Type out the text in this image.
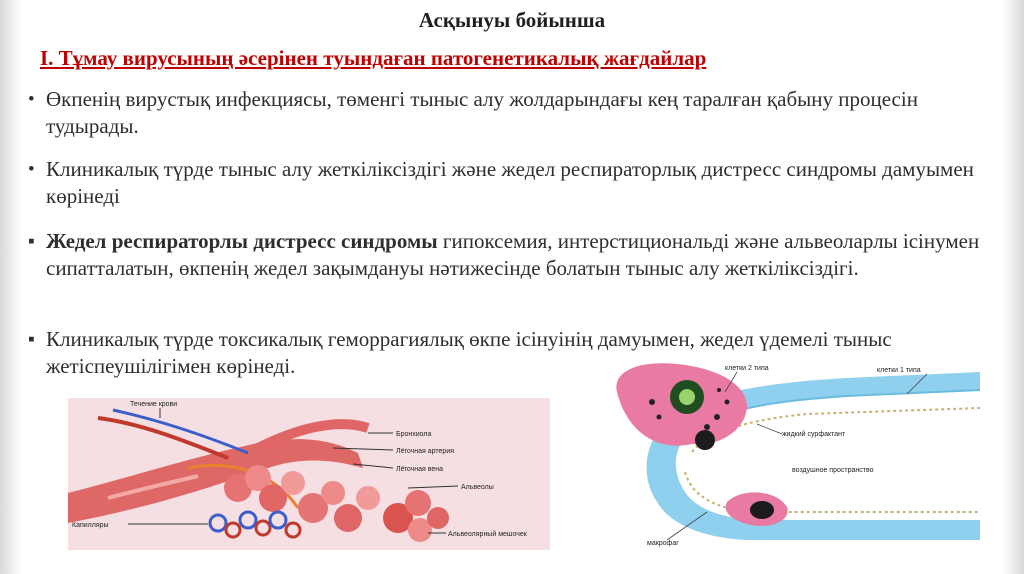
Асқынуы бойынша
I. Тұмау вирусының әсерінен туындаған патогенетикалық жағдайлар
• Өкпенің вирустық инфекциясы, төменгі тыныс алу жолдарындағы кең таралған қабыну процесін тудырады.
• Клиникалық түрде тыныс алу жеткіліксіздігі және жедел респираторлық дистресс синдромы дамуымен көрінеді
▪ Жедел респираторлы дистресс синдромы гипоксемия, интерстициональді және альвеоларлы ісінумен сипатталатын, өкпенің жедел зақымдануы нәтижесінде болатын тыныс алу жеткіліксіздігі.
▪ Клиникалық түрде токсикалық геморрагиялық өкпе ісінуінің дамуымен, жедел үдемелі тыныс жетіспеушілігімен көрінеді.
Течение крови
Бронхиола
Лёгочная артерия
Лёгочная вена
Альвеолы
Капилляры
Альвеолярный мешочек
клетки 2 типа	клетки 1 типа
жидкий сурфактант
воздушное пространство
макрофаг
